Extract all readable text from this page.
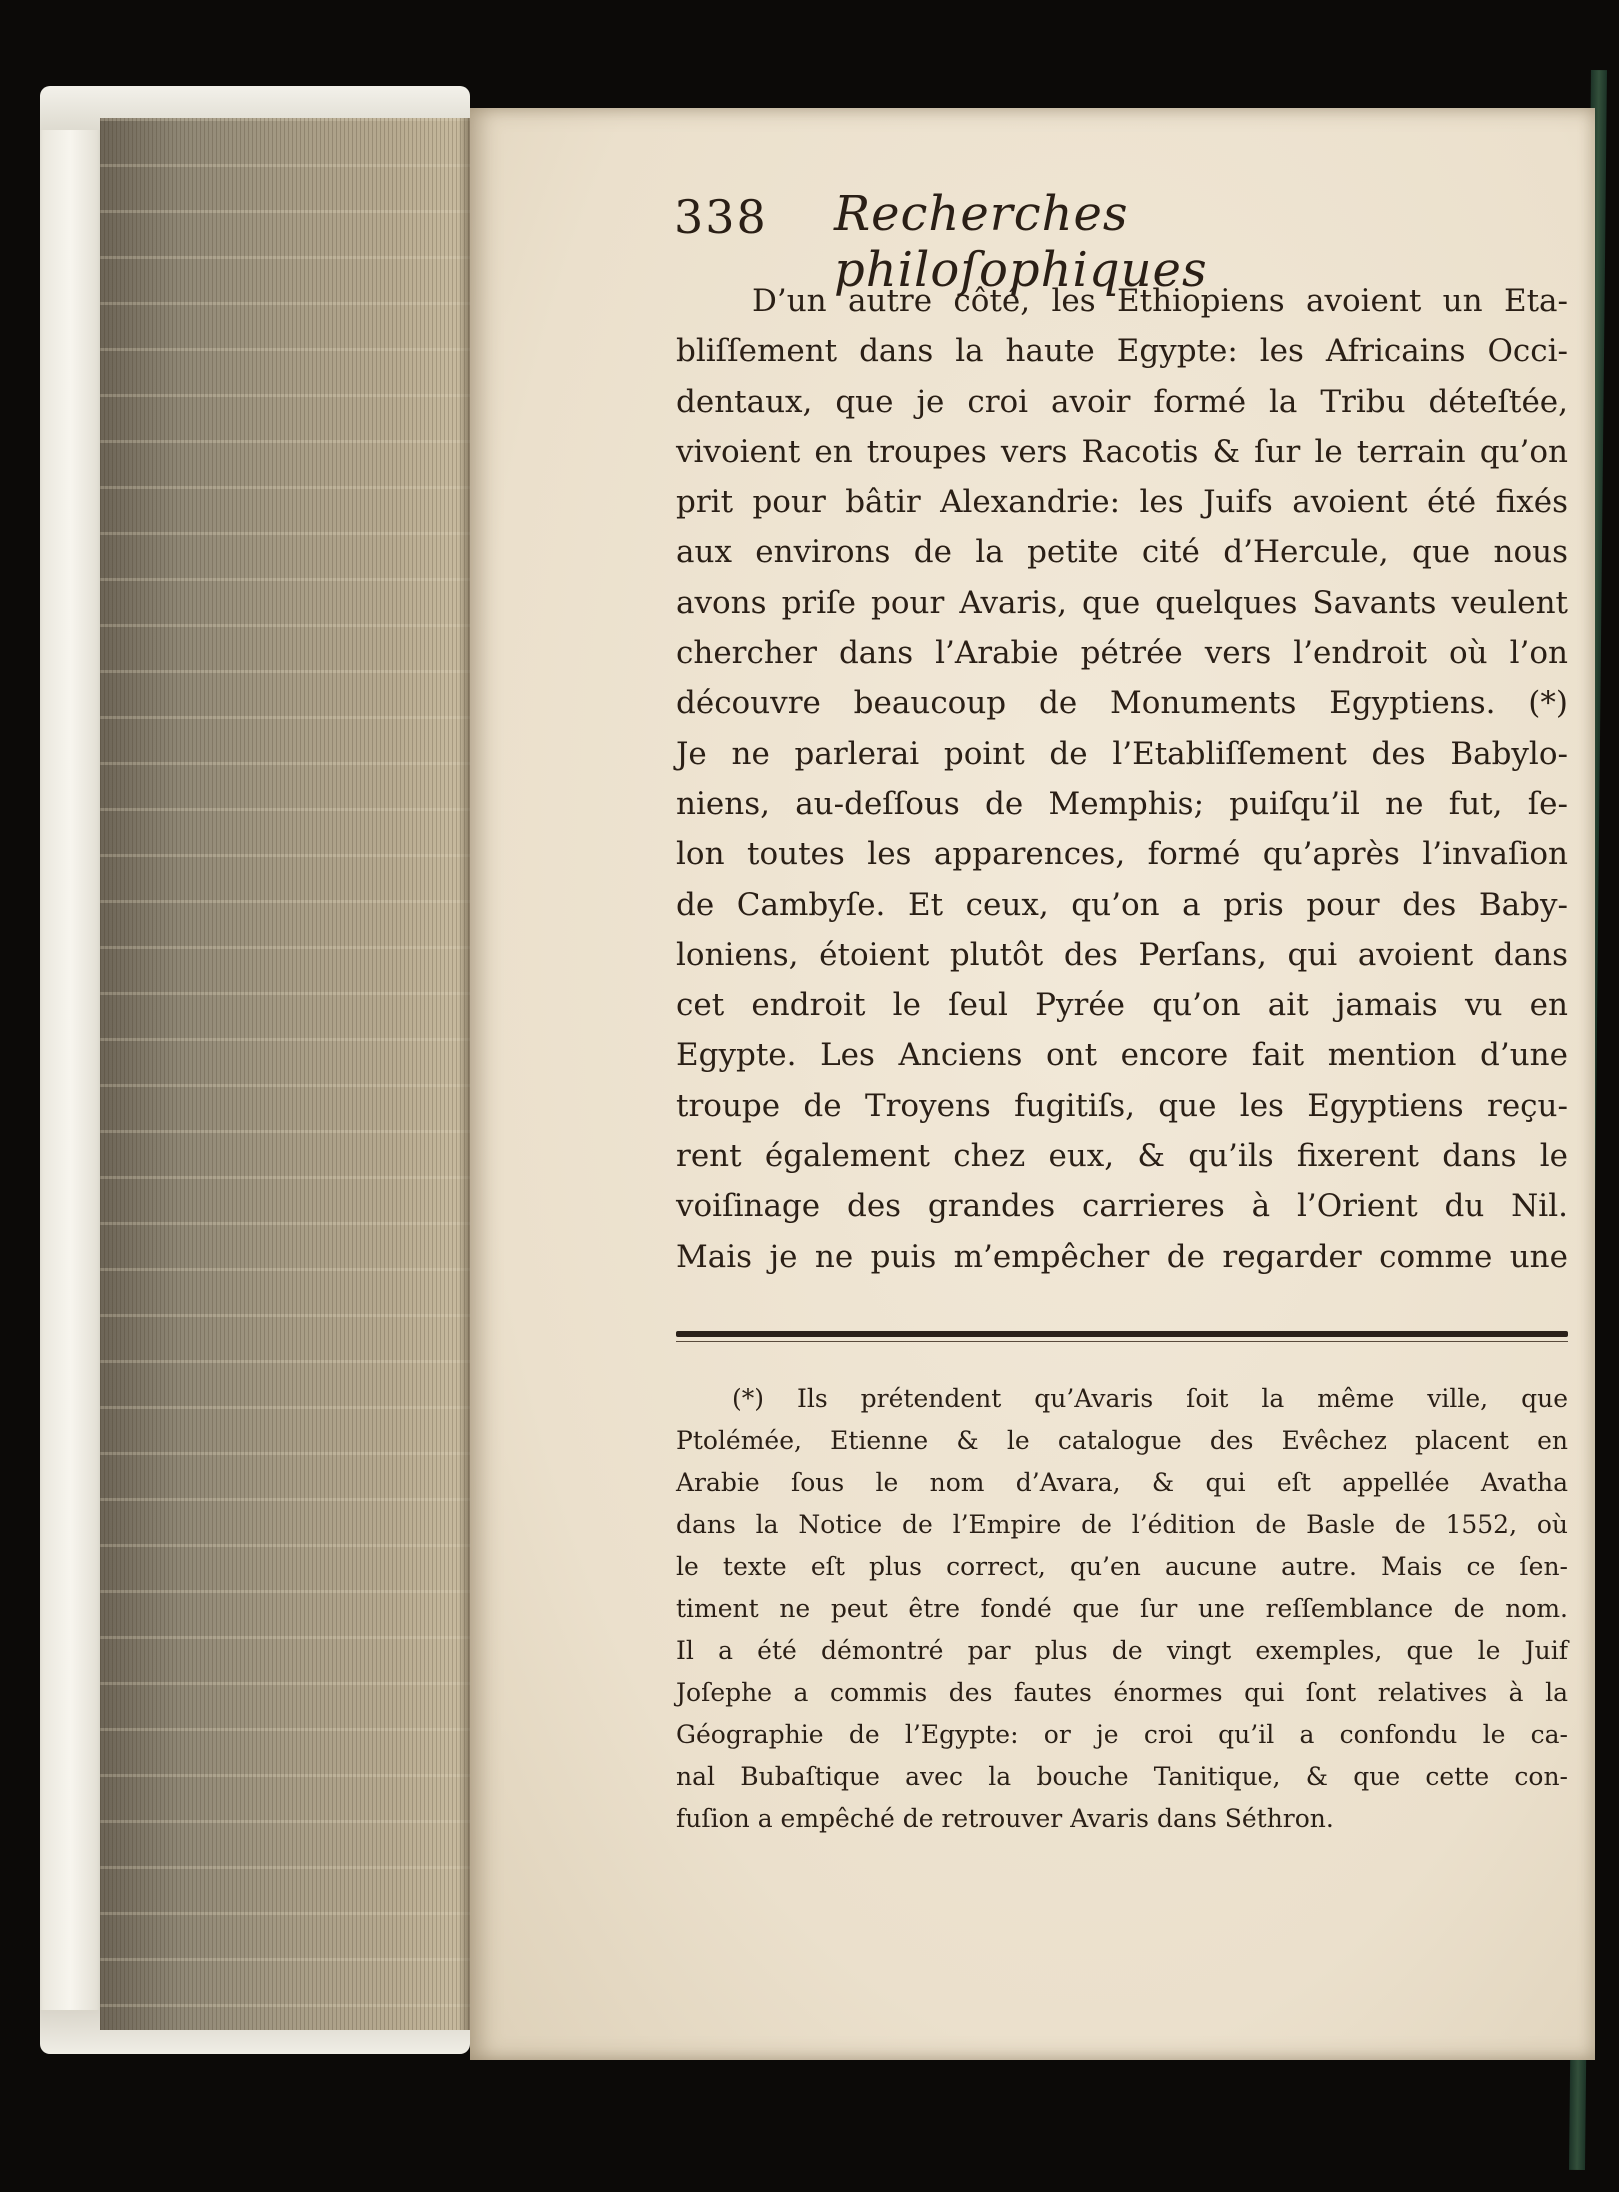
338 Recherches philoſophiques
D’un autre côté, les Ethiopiens avoient un Eta-
bliſſement dans la haute Egypte: les Africains Occi-
dentaux, que je croi avoir formé la Tribu déteſtée,
vivoient en troupes vers Racotis & ſur le terrain qu’on
prit pour bâtir Alexandrie: les Juifs avoient été fixés
aux environs de la petite cité d’Hercule, que nous
avons priſe pour Avaris, que quelques Savants veulent
chercher dans l’Arabie pétrée vers l’endroit où l’on
découvre beaucoup de Monuments Egyptiens. (*)
Je ne parlerai point de l’Etabliſſement des Babylo-
niens, au-deſſous de Memphis; puiſqu’il ne fut, ſe-
lon toutes les apparences, formé qu’après l’invaſion
de Cambyſe. Et ceux, qu’on a pris pour des Baby-
loniens, étoient plutôt des Perſans, qui avoient dans
cet endroit le ſeul Pyrée qu’on ait jamais vu en
Egypte. Les Anciens ont encore fait mention d’une
troupe de Troyens fugitiſs, que les Egyptiens reçu-
rent également chez eux, & qu’ils fixerent dans le
voiſinage des grandes carrieres à l’Orient du Nil.
Mais je ne puis m’empêcher de regarder comme une
(*) Ils prétendent qu’Avaris ſoit la même ville, que
Ptolémée, Etienne & le catalogue des Evêchez placent en
Arabie ſous le nom d’Avara, & qui eſt appellée Avatha
dans la Notice de l’Empire de l’édition de Basle de 1552, où
le texte eſt plus correct, qu’en aucune autre. Mais ce ſen-
timent ne peut être fondé que ſur une reſſemblance de nom.
Il a été démontré par plus de vingt exemples, que le Juif
Joſephe a commis des fautes énormes qui ſont relatives à la
Géographie de l’Egypte: or je croi qu’il a confondu le ca-
nal Bubaſtique avec la bouche Tanitique, & que cette con-
fuſion a empêché de retrouver Avaris dans Séthron.
